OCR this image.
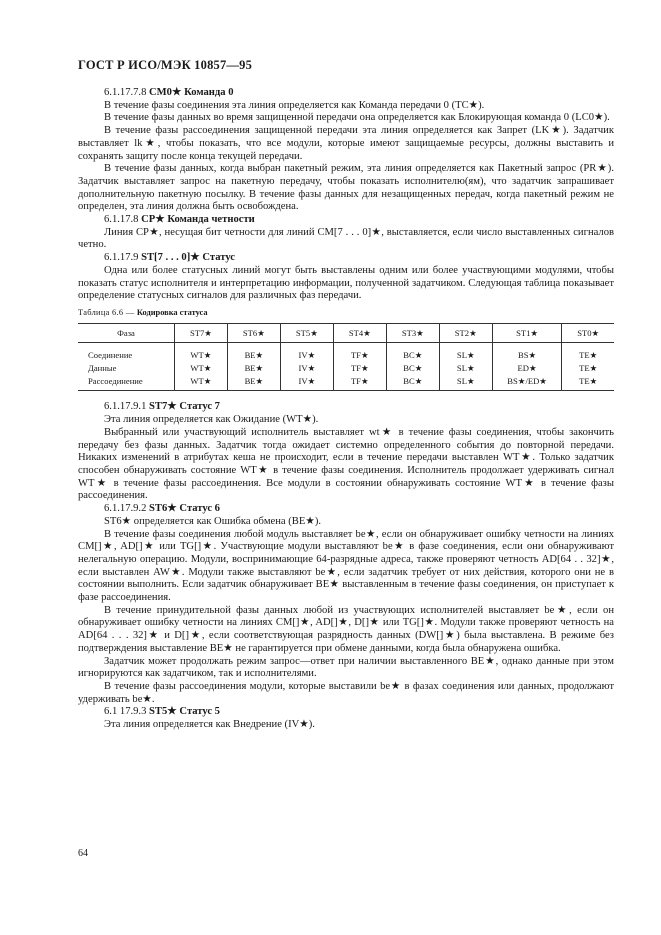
ГОСТ Р ИСО/МЭК 10857—95

6.1.17.7.8 CM0★ Команда 0

В течение фазы соединения эта линия определяется как Команда передачи 0 (TC★).

В течение фазы данных во время защищенной передачи она определяется как Блокирующая команда 0 (LC0★).

В течение фазы рассоединения защищенной передачи эта линия определяется как Запрет (LK★). Задатчик выставляет lk★, чтобы показать, что все модули, которые имеют защищаемые ресурсы, должны выставить и сохранять защиту после конца текущей передачи.

В течение фазы данных, когда выбран пакетный режим, эта линия определяется как Пакетный запрос (PR★). Задатчик выставляет запрос на пакетную передачу, чтобы показать исполнителю(ям), что задатчик запрашивает дополнительную пакетную посылку. В течение фазы данных для незащищенных передач, когда пакетный режим не определен, эта линия должна быть освобождена.

6.1.17.8 CP★ Команда четности

Линия CP★, несущая бит четности для линий CM[7 . . . 0]★, выставляется, если число выставленных сигналов четно.

6.1.17.9 ST[7 . . . 0]★ Статус

Одна или более статусных линий могут быть выставлены одним или более участвующими модулями, чтобы показать статус исполнителя и интерпретацию информации, полученной задатчиком. Следующая таблица показывает определение статусных сигналов для различных фаз передачи.

Таблица 6.6 — Кодировка статуса
Фаза	ST7★	ST6★	ST5★	ST4★	ST3★	ST2★	ST1★	ST0★
Соединение	WT★	BE★	IV★	TF★	BC★	SL★	BS★	TE★
Данные	WT★	BE★	IV★	TF★	BC★	SL★	ED★	TE★
Рассоединение	WT★	BE★	IV★	TF★	BC★	SL★	BS★/ED★	TE★

6.1.17.9.1 ST7★ Статус 7

Эта линия определяется как Ожидание (WT★).

Выбранный или участвующий исполнитель выставляет wt★ в течение фазы соединения, чтобы закончить передачу без фазы данных. Задатчик тогда ожидает системно определенного события до повторной передачи. Никаких изменений в атрибутах кеша не происходит, если в течение передачи выставлен WT★. Только задатчик способен обнаруживать состояние WT★ в течение фазы соединения. Исполнитель продолжает удерживать сигнал WT★ в течение фазы рассоединения. Все модули в состоянии обнаруживать состояние WT★ в течение фазы рассоединения.

6.1.17.9.2 ST6★ Статус 6

ST6★ определяется как Ошибка обмена (BE★).

В течение фазы соединения любой модуль выставляет be★, если он обнаруживает ошибку четности на линиях CM[]★, AD[]★ или TG[]★. Участвующие модули выставляют be★ в фазе соединения, если они обнаруживают нелегальную операцию. Модули, воспринимающие 64-разрядные адреса, также проверяют четность AD[64 . . 32]★, если выставлен AW★. Модули также выставляют be★, если задатчик требует от них действия, которого они не в состоянии выполнить. Если задатчик обнаруживает BE★ выставленным в течение фазы соединения, он приступает к фазе рассоединения.

В течение принудительной фазы данных любой из участвующих исполнителей выставляет be★, если он обнаруживает ошибку четности на линиях CM[]★, AD[]★, D[]★ или TG[]★. Модули также проверяют четность на AD[64 . . . 32]★ и D[]★, если соответствующая разрядность данных (DW[]★) была выставлена. В режиме без подтверждения выставление BE★ не гарантируется при обмене данными, когда была обнаружена ошибка.

Задатчик может продолжать режим запрос—ответ при наличии выставленного BE★, однако данные при этом игнорируются как задатчиком, так и исполнителями.

В течение фазы рассоединения модули, которые выставили be★ в фазах соединения или данных, продолжают удерживать be★.

6.1 17.9.3 ST5★ Статус 5

Эта линия определяется как Внедрение (IV★).

64
